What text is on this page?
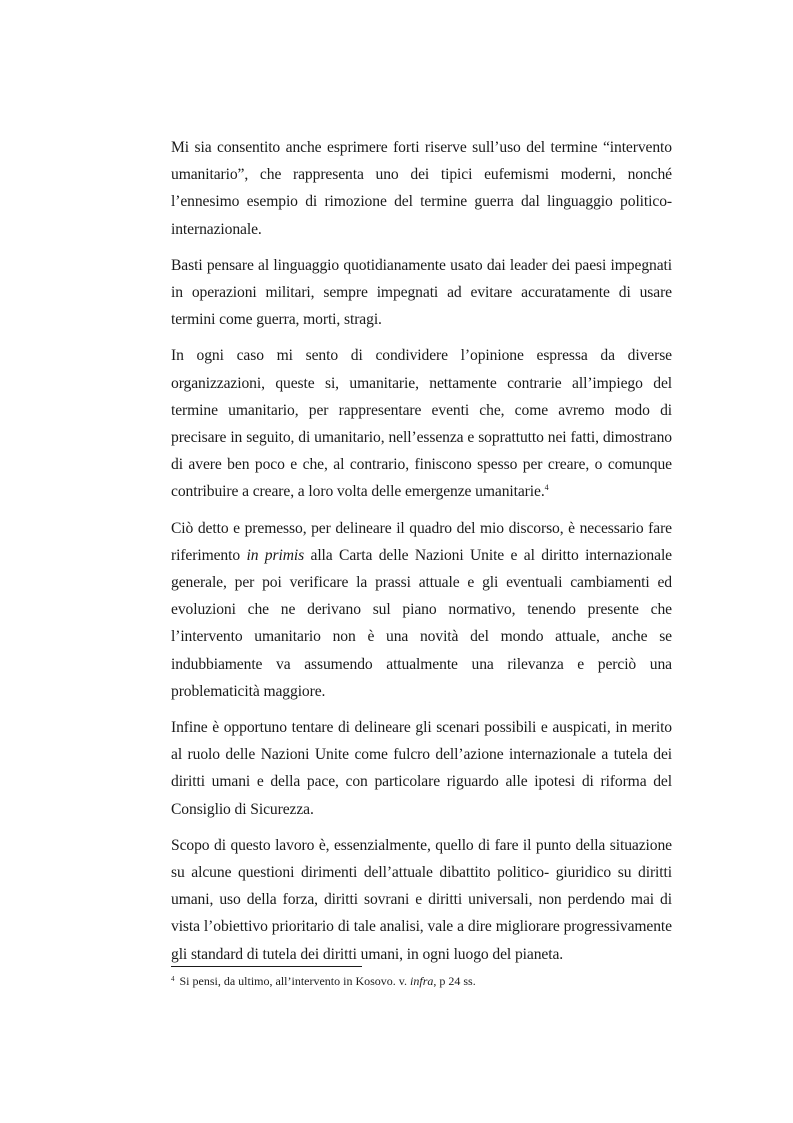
Mi sia consentito anche esprimere forti riserve sull’uso del termine “intervento umanitario”, che rappresenta uno dei tipici eufemismi moderni, nonché l’ennesimo esempio di rimozione del termine guerra dal linguaggio politico-internazionale.

Basti pensare al linguaggio quotidianamente usato dai leader dei paesi impegnati in operazioni militari, sempre impegnati ad evitare accuratamente di usare termini come guerra, morti, stragi.

In ogni caso mi sento di condividere l’opinione espressa da diverse organizzazioni, queste si, umanitarie, nettamente contrarie all’impiego del termine umanitario, per rappresentare eventi che, come avremo modo di precisare in seguito, di umanitario, nell’essenza e soprattutto nei fatti, dimostrano di avere ben poco e che, al contrario, finiscono spesso per creare, o comunque contribuire a creare, a loro volta delle emergenze umanitarie.$^4$

Ciò detto e premesso, per delineare il quadro del mio discorso, è necessario fare riferimento in primis alla Carta delle Nazioni Unite e al diritto internazionale generale, per poi verificare la prassi attuale e gli eventuali cambiamenti ed evoluzioni che ne derivano sul piano normativo, tenendo presente che l’intervento umanitario non è una novità del mondo attuale, anche se indubbiamente va assumendo attualmente una rilevanza e perciò una problematicità maggiore.

Infine è opportuno tentare di delineare gli scenari possibili e auspicati, in merito al ruolo delle Nazioni Unite come fulcro dell’azione internazionale a tutela dei diritti umani e della pace, con particolare riguardo alle ipotesi di riforma del Consiglio di Sicurezza.

Scopo di questo lavoro è, essenzialmente, quello di fare il punto della situazione su alcune questioni dirimenti dell’attuale dibattito politico- giuridico su diritti umani, uso della forza, diritti sovrani e diritti universali, non perdendo mai di vista l’obiettivo prioritario di tale analisi, vale a dire migliorare progressivamente gli standard di tutela dei diritti umani, in ogni luogo del pianeta.

$^4$ Si pensi, da ultimo, all’intervento in Kosovo. v. infra, p 24 ss.
